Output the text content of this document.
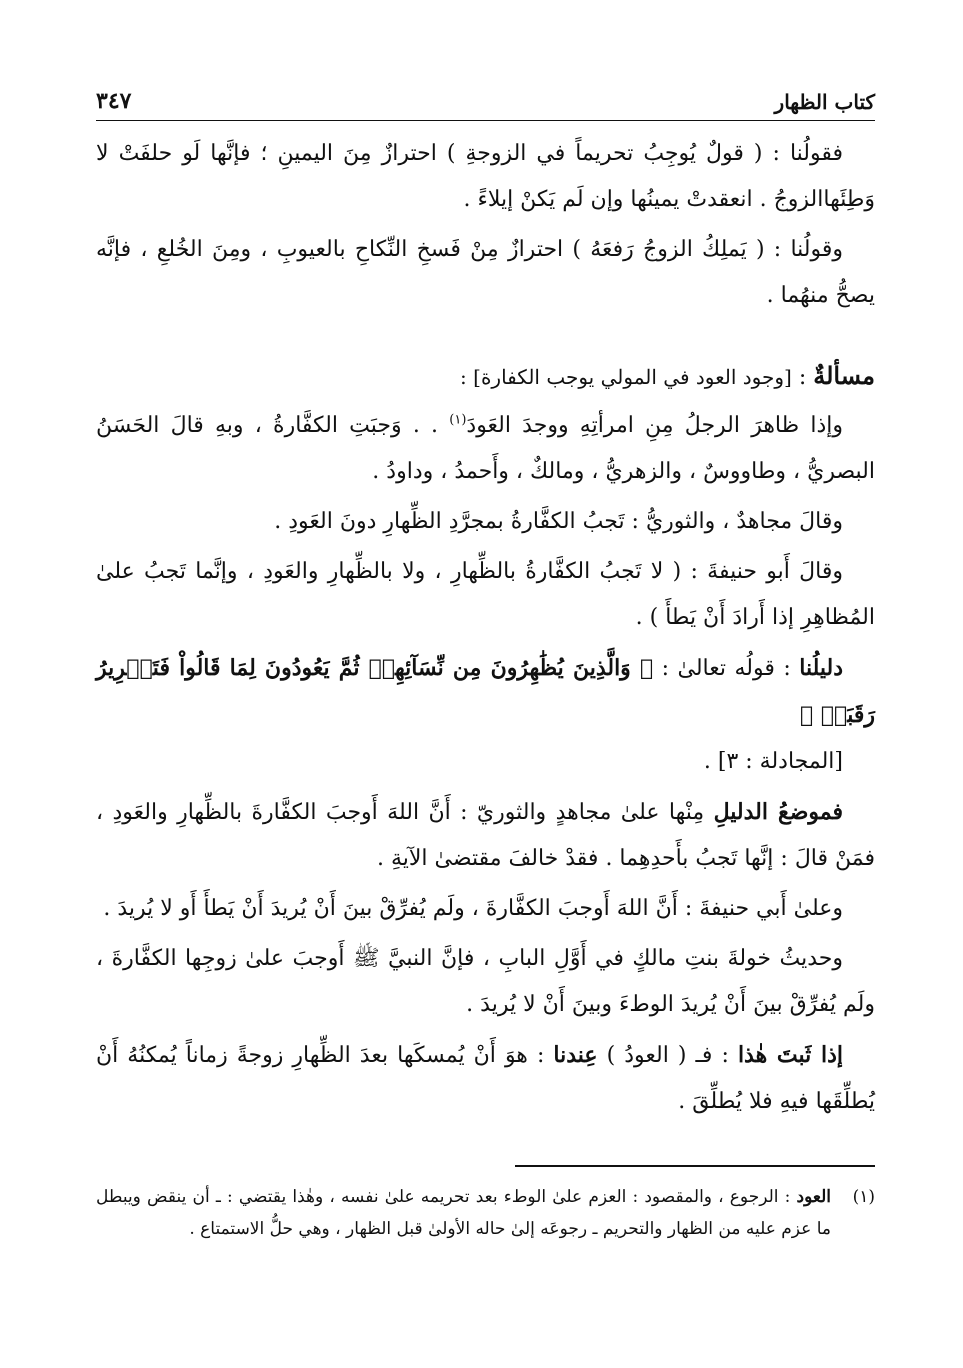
كتاب الظهار
٣٤٧

فقولُنا : ( قولٌ يُوجِبُ تحريماً في الزوجةِ ) احترازٌ مِنَ اليمينِ ؛ فإنَّها لَو حلفَتْ لا وَطِئَهاالزوجُ . انعقدتْ يمينُها وإن لَم يَكنْ إيلاءً .

وقولُنا : ( يَملِكُ الزوجُ رَفعَهُ ) احترازٌ مِنْ فَسخِ النِّكاحِ بالعيوبِ ، ومِنَ الخُلعِ ، فإنَّه يصحُّ منهُما .

مسألةٌ : [وجود العود في المولي يوجب الكفارة] :

وإذا ظاهرَ الرجلُ مِنِ امرأتِهِ ووجدَ العَودَ$^{(١)}$ . . وَجبَتِ الكفَّارةُ ، وبهِ قالَ الحَسَنُ البصريُّ ، وطاووسٌ ، والزهريُّ ، ومالكٌ ، وأَحمدُ ، وداودُ .

وقالَ مجاهدٌ ، والثوريُّ : تَجبُ الكفَّارةُ بمجرَّدِ الظِّهارِ دونَ العَودِ .

وقالَ أَبو حنيفةَ : ( لا تَجبُ الكفَّارةُ بالظِّهارِ ، ولا بالظِّهارِ والعَودِ ، وإنَّما تَجبُ علىٰ المُظاهِرِ إذا أَرادَ أَنْ يَطأَ ) .

دليلُنا : قولُه تعالىٰ : ﴿ وَالَّذِينَ يُظَٰهِرُونَ مِن نِّسَآئِهِمۡ ثُمَّ يَعُودُونَ لِمَا قَالُواْ فَتَحۡرِيرُ رَقَبَةٖ ﴾

[المجادلة : ٣] .

فموضعُ الدليلِ مِنْها علىٰ مجاهدٍ والثوريّ : أَنَّ اللهَ أَوجبَ الكفَّارةَ بالظِّهارِ والعَودِ ، فمَنْ قالَ : إنَّها تَجبُ بأَحدِهِما . فقدْ خالفَ مقتضىٰ الآيةِ .

وعلىٰ أَبي حنيفةَ : أَنَّ اللهَ أَوجبَ الكفَّارةَ ، ولَم يُفرِّقْ بينَ أَنْ يُريدَ أَنْ يَطأَ أَو لا يُريدَ .

وحديثُ خولةَ بنتِ مالكٍ في أَوَّلِ البابِ ، فإنَّ النبيَّ ﷺ أَوجبَ علىٰ زوجِها الكفَّارةَ ، ولَم يُفرِّقْ بينَ أَنْ يُريدَ الوطءَ وبينَ أَنْ لا يُريدَ .

إذا ثَبتَ هٰذا : فـ ( العودُ ) عِندنا : هوَ أَنْ يُمسكَها بعدَ الظِّهارِ زوجةً زماناً يُمكنُهُ أَنْ يُطلِّقَها فيهِ فلا يُطلِّقَ .

(١)
العود : الرجوع ، والمقصود : العزم علىٰ الوطء بعد تحريمه علىٰ نفسه ، وهٰذا يقتضي : ـ أن ينقض ويبطل ما عزم عليه من الظهار والتحريم ـ رجوعَه إلىٰ حاله الأولىٰ قبل الظهار ، وهي حلُّ الاستمتاع .
